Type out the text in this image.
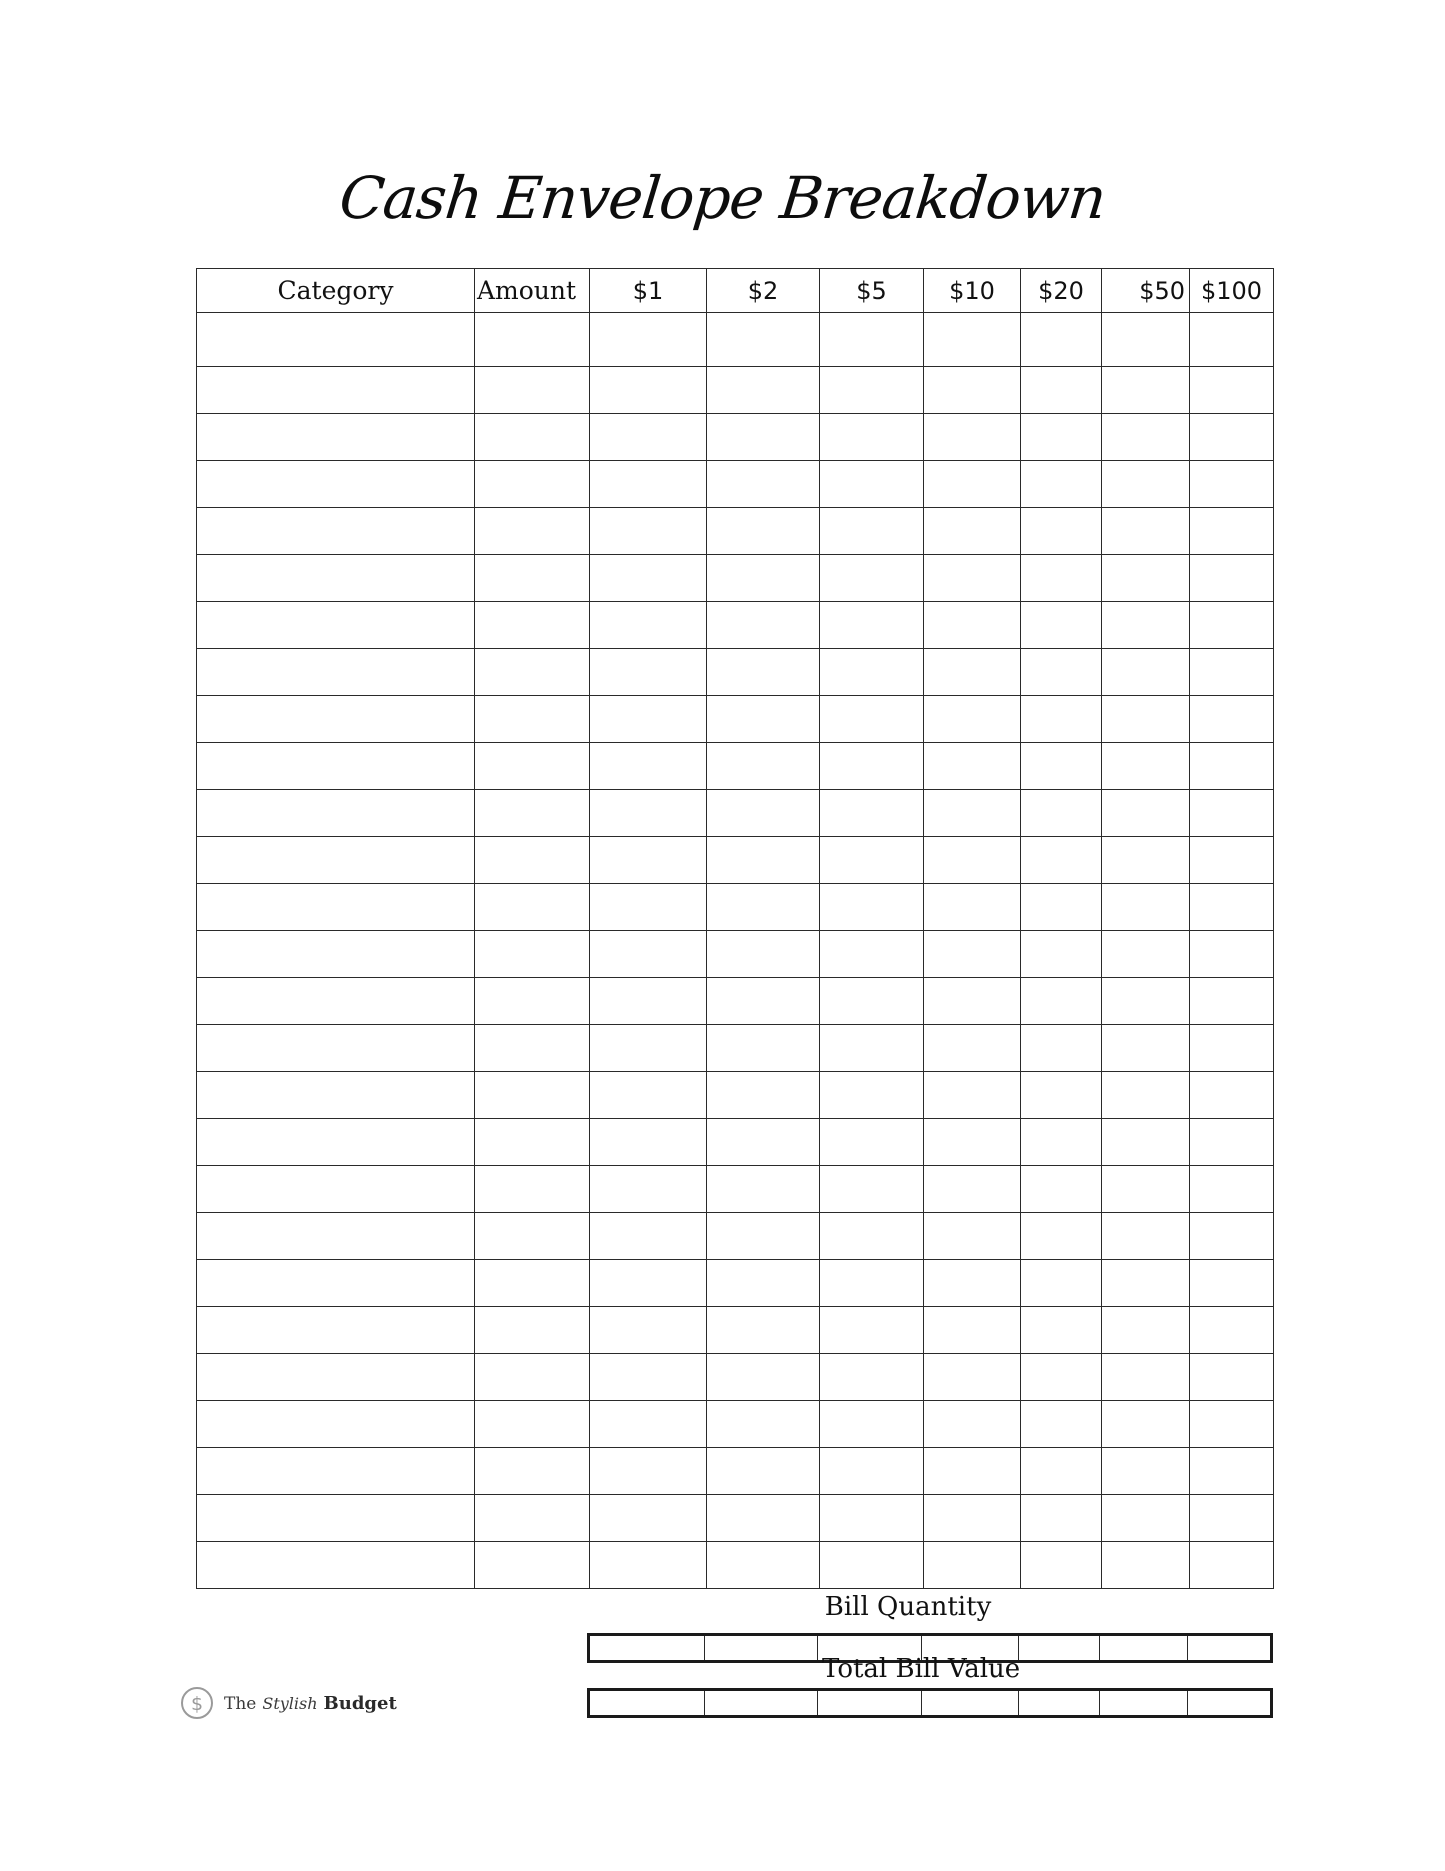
Cash Envelope Breakdown
Category	Amount	$1	$2	$5	$10	$20	$50	$100

Bill Quantity

Total Bill Value

$ The Stylish Budget
